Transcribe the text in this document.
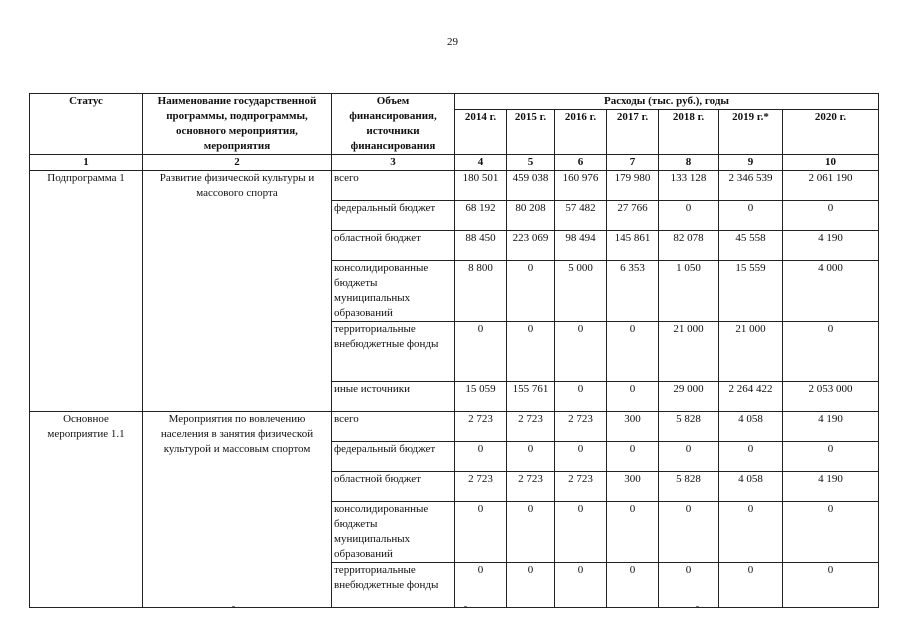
29
Статус	Наименование государственной программы, подпрограммы, основного мероприятия, мероприятия	Объем финансирования, источники финансирования	Расходы (тыс. руб.), годы						
			2014 г.	2015 г.	2016 г.	2017 г.	2018 г.	2019 г.*	2020 г.
1	2	3	4	5	6	7	8	9	10
Подпрограмма 1	Развитие физической культуры и массового спорта	всего	180 501	459 038	160 976	179 980	133 128	2 346 539	2 061 190
		федеральный бюджет	68 192	80 208	57 482	27 766	0	0	0
		областной бюджет	88 450	223 069	98 494	145 861	82 078	45 558	4 190
		консолидированные бюджеты муниципальных образований	8 800	0	5 000	6 353	1 050	15 559	4 000
		территориальные внебюджетные фонды	0	0	0	0	21 000	21 000	0
		иные источники	15 059	155 761	0	0	29 000	2 264 422	2 053 000
Основное мероприятие 1.1	Мероприятия по вовлечению населения в занятия физической культурой и массовым спортом	всего	2 723	2 723	2 723	300	5 828	4 058	4 190
		федеральный бюджет	0	0	0	0	0	0	0
		областной бюджет	2 723	2 723	2 723	300	5 828	4 058	4 190
		консолидированные бюджеты муниципальных образований	0	0	0	0	0	0	0
		территориальные внебюджетные фонды	0	0	0	0	0	0	0
